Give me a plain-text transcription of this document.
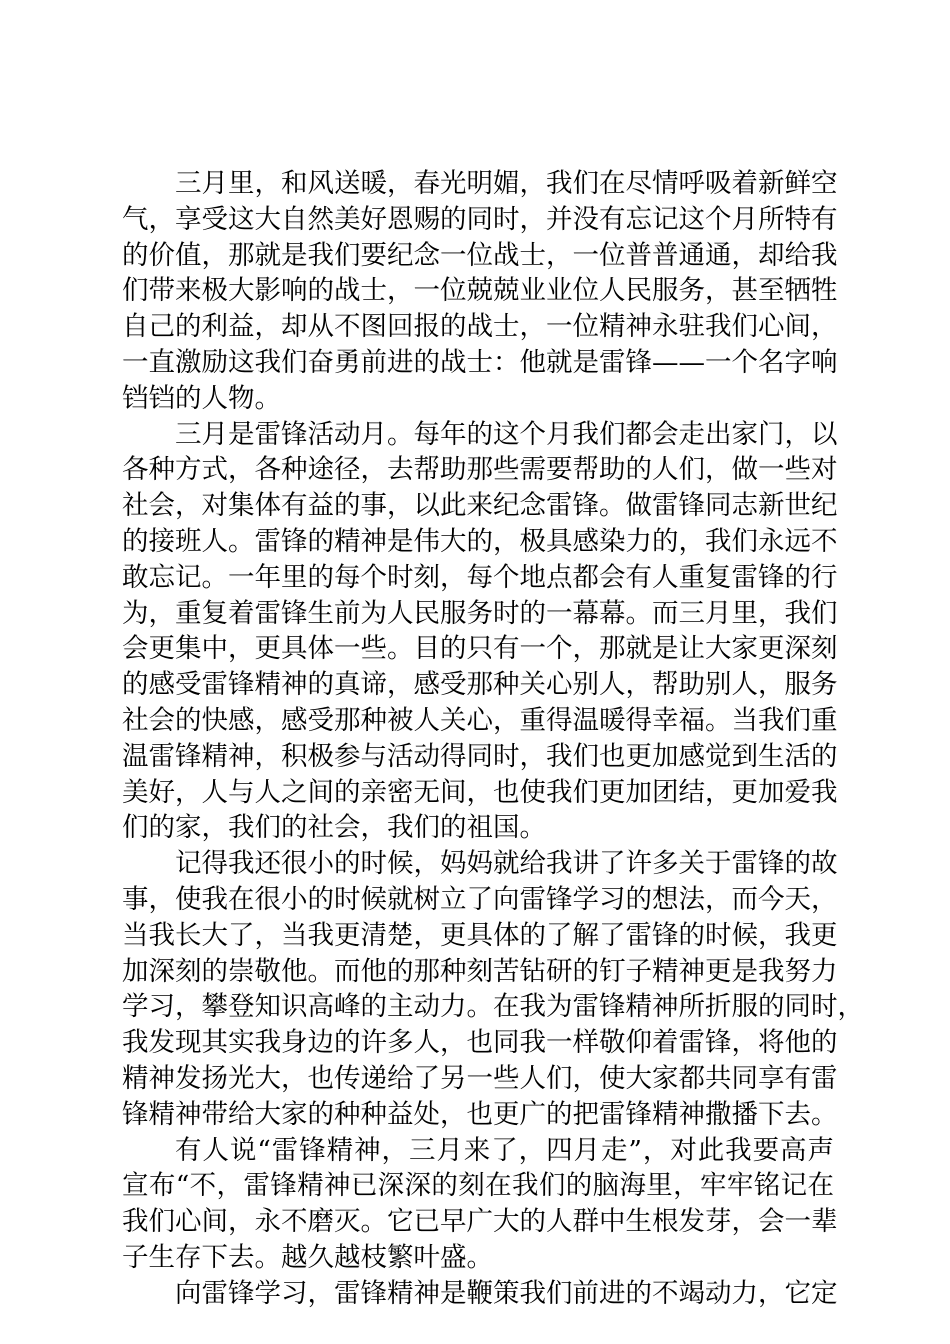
三月里，和风送暖，春光明媚，我们在尽情呼吸着新鲜空
气，享受这大自然美好恩赐的同时，并没有忘记这个月所特有
的价值，那就是我们要纪念一位战士，一位普普通通，却给我
们带来极大影响的战士，一位兢兢业业位人民服务，甚至牺牲
自己的利益，却从不图回报的战士，一位精神永驻我们心间，
一直激励这我们奋勇前进的战士：他就是雷锋——一个名字响
铛铛的人物。
三月是雷锋活动月。每年的这个月我们都会走出家门，以
各种方式，各种途径，去帮助那些需要帮助的人们，做一些对
社会，对集体有益的事，以此来纪念雷锋。做雷锋同志新世纪
的接班人。雷锋的精神是伟大的，极具感染力的，我们永远不
敢忘记。一年里的每个时刻，每个地点都会有人重复雷锋的行
为，重复着雷锋生前为人民服务时的一幕幕。而三月里，我们
会更集中，更具体一些。目的只有一个，那就是让大家更深刻
的感受雷锋精神的真谛，感受那种关心别人，帮助别人，服务
社会的快感，感受那种被人关心，重得温暖得幸福。当我们重
温雷锋精神，积极参与活动得同时，我们也更加感觉到生活的
美好，人与人之间的亲密无间，也使我们更加团结，更加爱我
们的家，我们的社会，我们的祖国。
记得我还很小的时候，妈妈就给我讲了许多关于雷锋的故
事，使我在很小的时候就树立了向雷锋学习的想法，而今天，
当我长大了，当我更清楚，更具体的了解了雷锋的时候，我更
加深刻的崇敬他。而他的那种刻苦钻研的钉子精神更是我努力
学习，攀登知识高峰的主动力。在我为雷锋精神所折服的同时，
我发现其实我身边的许多人，也同我一样敬仰着雷锋，将他的
精神发扬光大，也传递给了另一些人们，使大家都共同享有雷
锋精神带给大家的种种益处，也更广的把雷锋精神撒播下去。
有人说“雷锋精神，三月来了，四月走”，对此我要高声
宣布“不，雷锋精神已深深的刻在我们的脑海里，牢牢铭记在
我们心间，永不磨灭。它已早广大的人群中生根发芽，会一辈
子生存下去。越久越枝繁叶盛。
向雷锋学习，雷锋精神是鞭策我们前进的不竭动力，它定
